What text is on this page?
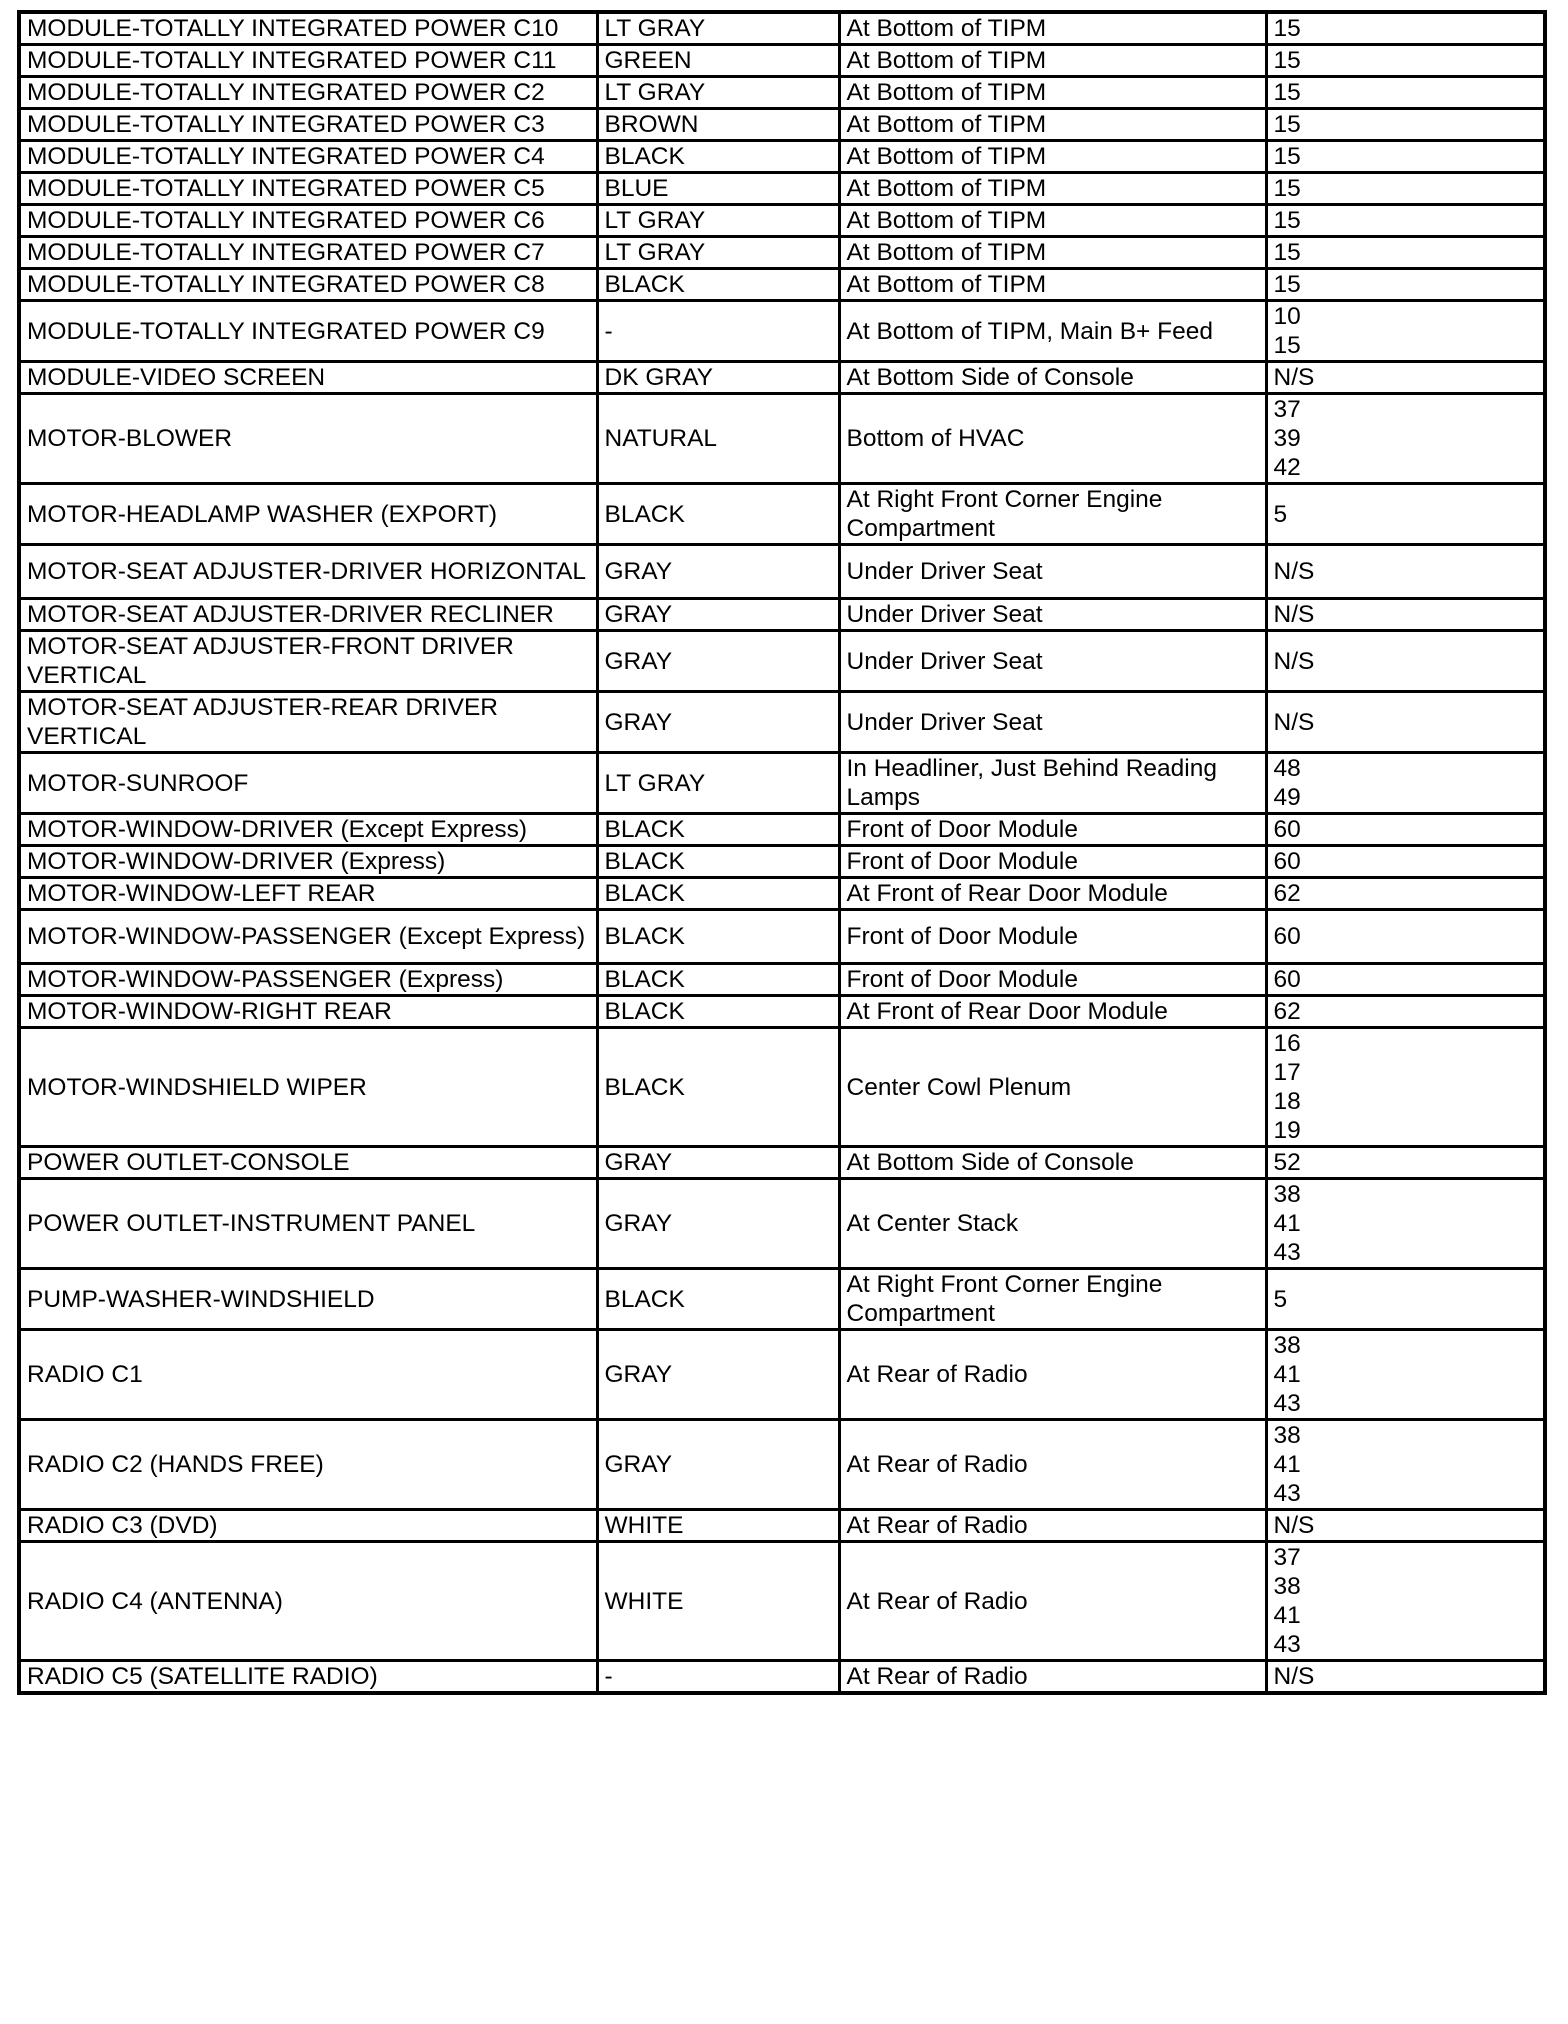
MODULE-TOTALLY INTEGRATED POWER C10	LT GRAY	At Bottom of TIPM	15

MODULE-TOTALLY INTEGRATED POWER C11	GREEN	At Bottom of TIPM	15

MODULE-TOTALLY INTEGRATED POWER C2	LT GRAY	At Bottom of TIPM	15

MODULE-TOTALLY INTEGRATED POWER C3	BROWN	At Bottom of TIPM	15

MODULE-TOTALLY INTEGRATED POWER C4	BLACK	At Bottom of TIPM	15

MODULE-TOTALLY INTEGRATED POWER C5	BLUE	At Bottom of TIPM	15

MODULE-TOTALLY INTEGRATED POWER C6	LT GRAY	At Bottom of TIPM	15

MODULE-TOTALLY INTEGRATED POWER C7	LT GRAY	At Bottom of TIPM	15

MODULE-TOTALLY INTEGRATED POWER C8	BLACK	At Bottom of TIPM	15

MODULE-TOTALLY INTEGRATED POWER C9	-	At Bottom of TIPM, Main B+ Feed	10
15

MODULE-VIDEO SCREEN	DK GRAY	At Bottom Side of Console	N/S

MOTOR-BLOWER	NATURAL	Bottom of HVAC	37
39
42

MOTOR-HEADLAMP WASHER (EXPORT)	BLACK	At Right Front Corner Engine Compartment	5

MOTOR-SEAT ADJUSTER-DRIVER HORIZONTAL	GRAY	Under Driver Seat	N/S

MOTOR-SEAT ADJUSTER-DRIVER RECLINER	GRAY	Under Driver Seat	N/S

MOTOR-SEAT ADJUSTER-FRONT DRIVER VERTICAL	GRAY	Under Driver Seat	N/S

MOTOR-SEAT ADJUSTER-REAR DRIVER VERTICAL	GRAY	Under Driver Seat	N/S

MOTOR-SUNROOF	LT GRAY	In Headliner, Just Behind Reading Lamps	48
49

MOTOR-WINDOW-DRIVER (Except Express)	BLACK	Front of Door Module	60

MOTOR-WINDOW-DRIVER (Express)	BLACK	Front of Door Module	60

MOTOR-WINDOW-LEFT REAR	BLACK	At Front of Rear Door Module	62

MOTOR-WINDOW-PASSENGER (Except Express)	BLACK	Front of Door Module	60

MOTOR-WINDOW-PASSENGER (Express)	BLACK	Front of Door Module	60

MOTOR-WINDOW-RIGHT REAR	BLACK	At Front of Rear Door Module	62

MOTOR-WINDSHIELD WIPER	BLACK	Center Cowl Plenum	16
17
18
19

POWER OUTLET-CONSOLE	GRAY	At Bottom Side of Console	52

POWER OUTLET-INSTRUMENT PANEL	GRAY	At Center Stack	38
41
43

PUMP-WASHER-WINDSHIELD	BLACK	At Right Front Corner Engine Compartment	5

RADIO C1	GRAY	At Rear of Radio	38
41
43

RADIO C2 (HANDS FREE)	GRAY	At Rear of Radio	38
41
43

RADIO C3 (DVD)	WHITE	At Rear of Radio	N/S

RADIO C4 (ANTENNA)	WHITE	At Rear of Radio	37
38
41
43

RADIO C5 (SATELLITE RADIO)	-	At Rear of Radio	N/S
